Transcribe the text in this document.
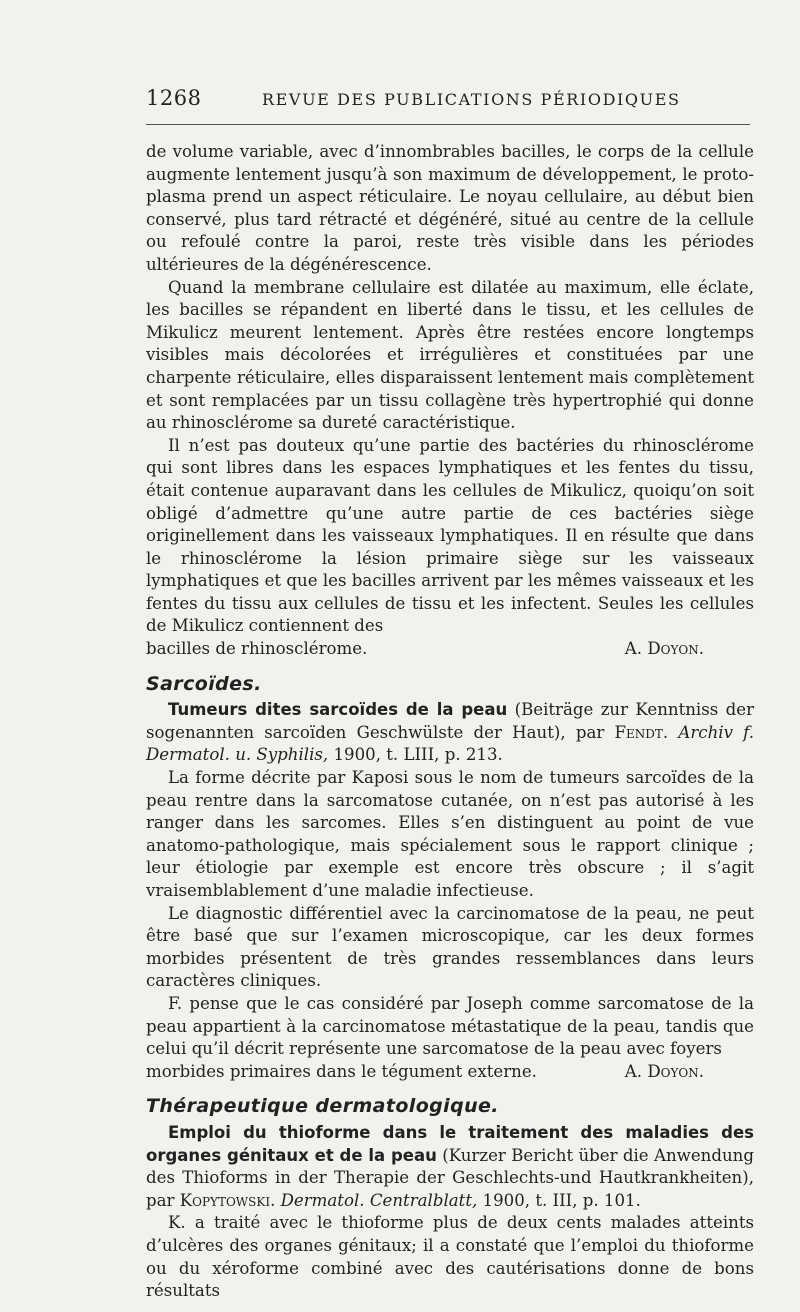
1268	REVUE DES PUBLICATIONS PÉRIODIQUES

de volume variable, avec d’innombrables bacilles, le corps de la cellule augmente lentement jusqu’à son maximum de développement, le protoplasma prend un aspect réticulaire. Le noyau cellulaire, au début bien conservé, plus tard rétracté et dégénéré, situé au centre de la cellule ou refoulé contre la paroi, reste très visible dans les périodes ultérieures de la dégénérescence.

Quand la membrane cellulaire est dilatée au maximum, elle éclate, les bacilles se répandent en liberté dans le tissu, et les cellules de Mikulicz meurent lentement. Après être restées encore longtemps visibles mais décolorées et irrégulières et constituées par une charpente réticulaire, elles disparaissent lentement mais complètement et sont remplacées par un tissu collagène très hypertrophié qui donne au rhinosclérome sa dureté caractéristique.

Il n’est pas douteux qu’une partie des bactéries du rhinosclérome qui sont libres dans les espaces lymphatiques et les fentes du tissu, était contenue auparavant dans les cellules de Mikulicz, quoiqu’on soit obligé d’admettre qu’une autre partie de ces bactéries siège originellement dans les vaisseaux lymphatiques. Il en résulte que dans le rhinosclérome la lésion primaire siège sur les vaisseaux lymphatiques et que les bacilles arrivent par les mêmes vaisseaux et les fentes du tissu aux cellules de tissu et les infectent. Seules les cellules de Mikulicz contiennent des

bacilles de rhinosclérome.	A. Doyon.
Sarcoïdes.

Tumeurs dites sarcoïdes de la peau (Beiträge zur Kenntniss der sogenannten sarcoïden Geschwülste der Haut), par Fendt. Archiv f. Dermatol. u. Syphilis, 1900, t. LIII, p. 213.

La forme décrite par Kaposi sous le nom de tumeurs sarcoïdes de la peau rentre dans la sarcomatose cutanée, on n’est pas autorisé à les ranger dans les sarcomes. Elles s’en distinguent au point de vue anatomo-pathologique, mais spécialement sous le rapport clinique ; leur étiologie par exemple est encore très obscure ; il s’agit vraisemblablement d’une maladie infectieuse.

Le diagnostic différentiel avec la carcinomatose de la peau, ne peut être basé que sur l’examen microscopique, car les deux formes morbides présentent de très grandes ressemblances dans leurs caractères cliniques.

F. pense que le cas considéré par Joseph comme sarcomatose de la peau appartient à la carcinomatose métastatique de la peau, tandis que celui qu’il décrit représente une sarcomatose de la peau avec foyers

morbides primaires dans le tégument externe.	A. Doyon.
Thérapeutique dermatologique.

Emploi du thioforme dans le traitement des maladies des organes génitaux et de la peau (Kurzer Bericht über die Anwendung des Thioforms in der Therapie der Geschlechts-und Hautkrankheiten), par Kopytowski. Dermatol. Centralblatt, 1900, t. III, p. 101.

K. a traité avec le thioforme plus de deux cents malades atteints d’ulcères des organes génitaux; il a constaté que l’emploi du thioforme ou du xéroforme combiné avec des cautérisations donne de bons résultats
